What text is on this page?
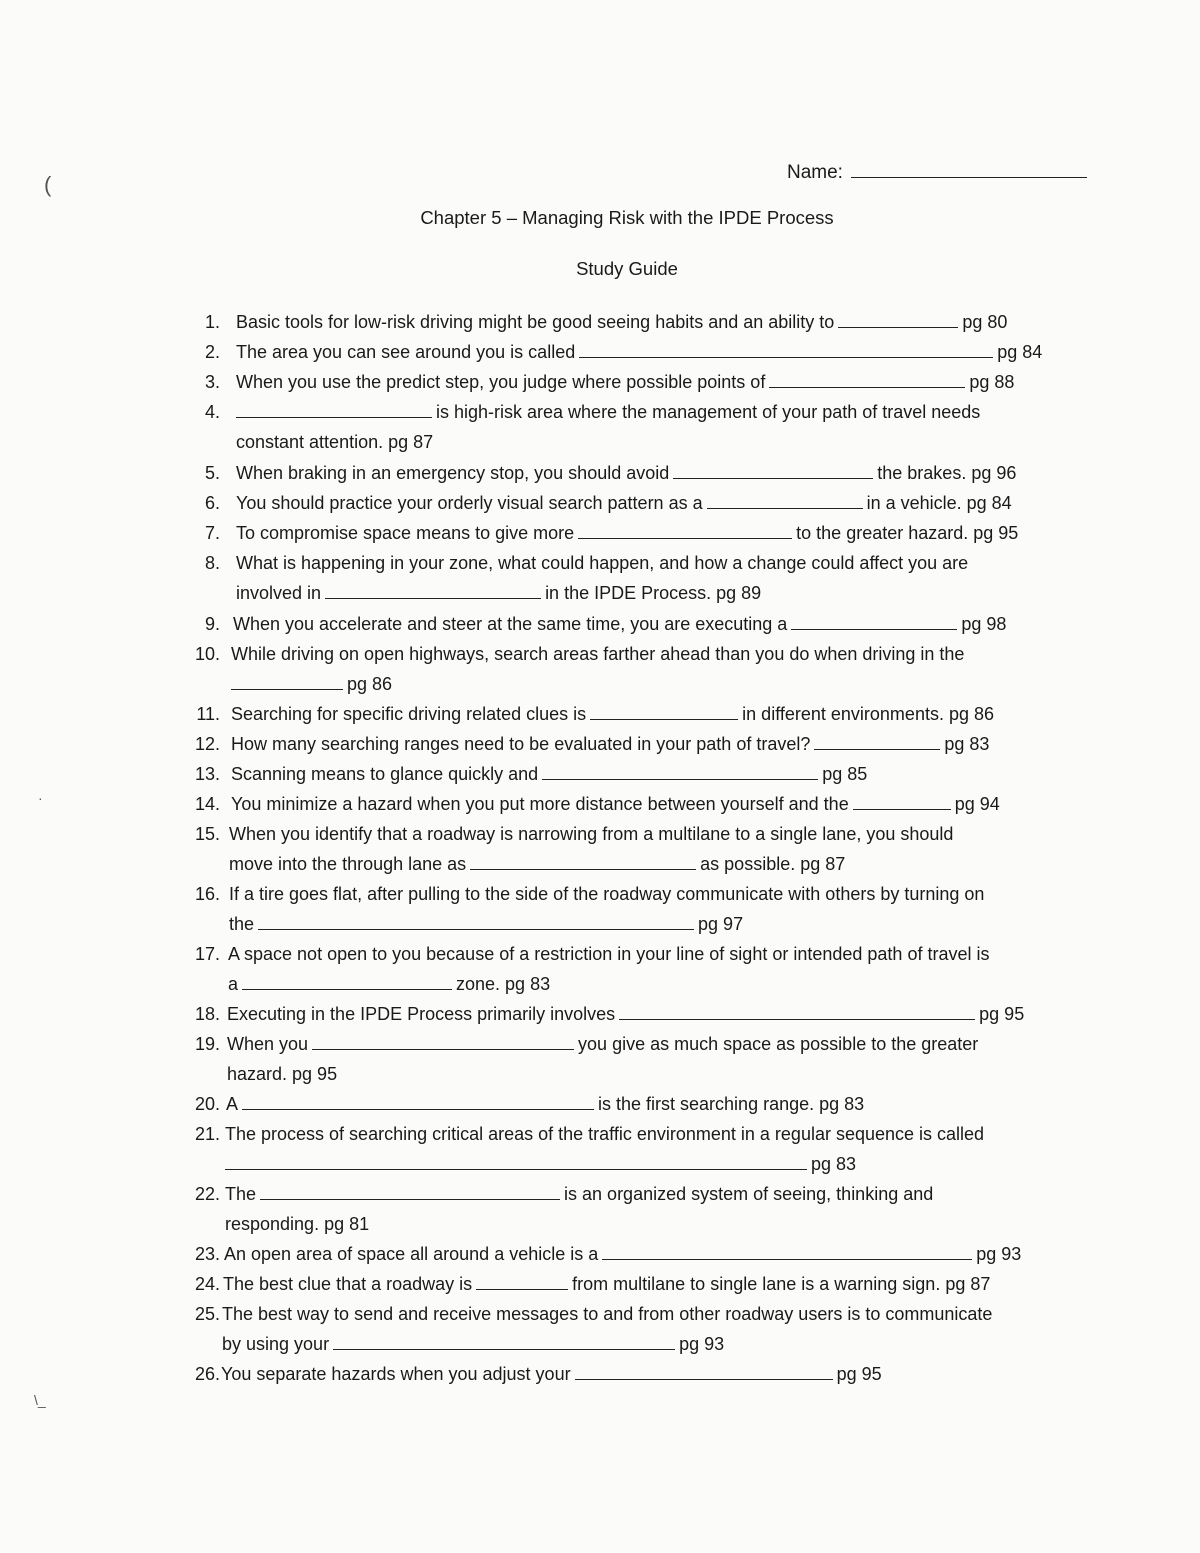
(
·
\_
Name:
Chapter 5 – Managing Risk with the IPDE Process
Study Guide
1. Basic tools for low-risk driving might be good seeing habits and an ability to	pg 80
2. The area you can see around you is called	pg 84
3. When you use the predict step, you judge where possible points of	pg 88
4.	is high-risk area where the management of your path of travel needs
constant attention. pg 87
5. When braking in an emergency stop, you should avoid	the brakes. pg 96
6. You should practice your orderly visual search pattern as a	in a vehicle. pg 84
7. To compromise space means to give more	to the greater hazard. pg 95
8. What is happening in your zone, what could happen, and how a change could affect you are
involved in	in the IPDE Process. pg 89
9. When you accelerate and steer at the same time, you are executing a	pg 98
10. While driving on open highways, search areas farther ahead than you do when driving in the
pg 86
11. Searching for specific driving related clues is	in different environments. pg 86
12. How many searching ranges need to be evaluated in your path of travel?	pg 83
13. Scanning means to glance quickly and	pg 85
14. You minimize a hazard when you put more distance between yourself and the	pg 94
15. When you identify that a roadway is narrowing from a multilane to a single lane, you should
move into the through lane as	as possible. pg 87
16. If a tire goes flat, after pulling to the side of the roadway communicate with others by turning on
the	pg 97
17. A space not open to you because of a restriction in your line of sight or intended path of travel is
a	zone. pg 83
18. Executing in the IPDE Process primarily involves	pg 95
19. When you	you give as much space as possible to the greater
hazard. pg 95
20. A	is the first searching range. pg 83
21. The process of searching critical areas of the traffic environment in a regular sequence is called
pg 83
22. The	is an organized system of seeing, thinking and
responding. pg 81
23. An open area of space all around a vehicle is a	pg 93
24. The best clue that a roadway is	from multilane to single lane is a warning sign. pg 87
25. The best way to send and receive messages to and from other roadway users is to communicate
by using your	pg 93
26. You separate hazards when you adjust your	pg 95
